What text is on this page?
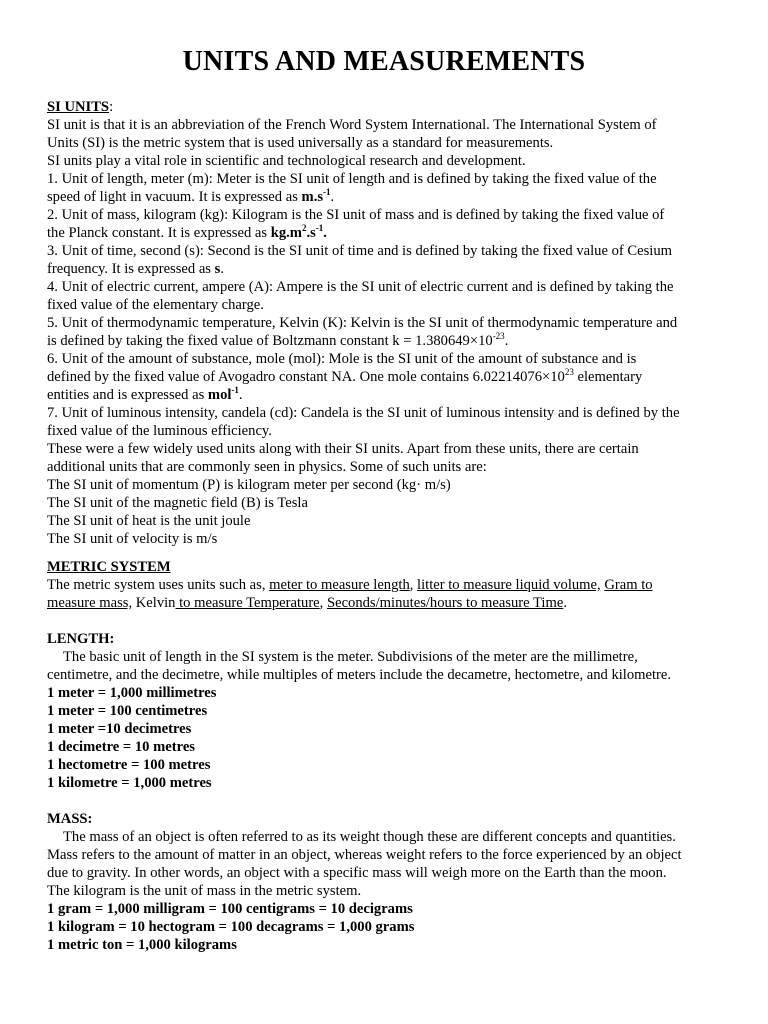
UNITS AND MEASUREMENTS
SI UNITS:
SI unit is that it is an abbreviation of the French Word System International. The International System of
Units (SI) is the metric system that is used universally as a standard for measurements.
SI units play a vital role in scientific and technological research and development.
1. Unit of length, meter (m): Meter is the SI unit of length and is defined by taking the fixed value of the
speed of light in vacuum. It is expressed as $m.s^{-1}$.
2. Unit of mass, kilogram (kg): Kilogram is the SI unit of mass and is defined by taking the fixed value of
the Planck constant. It is expressed as $kg.m^2.s^{-1}$.
3. Unit of time, second (s): Second is the SI unit of time and is defined by taking the fixed value of Cesium
frequency. It is expressed as s.
4. Unit of electric current, ampere (A): Ampere is the SI unit of electric current and is defined by taking the
fixed value of the elementary charge.
5. Unit of thermodynamic temperature, Kelvin (K): Kelvin is the SI unit of thermodynamic temperature and
is defined by taking the fixed value of Boltzmann constant $k = 1.380649\times 10^{-23}$.
6. Unit of the amount of substance, mole (mol): Mole is the SI unit of the amount of substance and is
defined by the fixed value of Avogadro constant NA. One mole contains $6.02214076\times 10^{23}$ elementary
entities and is expressed as mol$^{-1}$.
7. Unit of luminous intensity, candela (cd): Candela is the SI unit of luminous intensity and is defined by the
fixed value of the luminous efficiency.
These were a few widely used units along with their SI units. Apart from these units, there are certain
additional units that are commonly seen in physics. Some of such units are:
The SI unit of momentum (P) is kilogram meter per second (kg· m/s)
The SI unit of the magnetic field (B) is Tesla
The SI unit of heat is the unit joule
The SI unit of velocity is m/s
METRIC SYSTEM
The metric system uses units such as, meter to measure length, litter to measure liquid volume, Gram to
measure mass, Kelvin to measure Temperature, Seconds/minutes/hours to measure Time.
LENGTH:
The basic unit of length in the SI system is the meter. Subdivisions of the meter are the millimetre,
centimetre, and the decimetre, while multiples of meters include the decametre, hectometre, and kilometre.
1 meter = 1,000 millimetres
1 meter = 100 centimetres
1 meter =10 decimetres
1 decimetre = 10 metres
1 hectometre = 100 metres
1 kilometre = 1,000 metres
MASS:
The mass of an object is often referred to as its weight though these are different concepts and quantities.
Mass refers to the amount of matter in an object, whereas weight refers to the force experienced by an object
due to gravity. In other words, an object with a specific mass will weigh more on the Earth than the moon.
The kilogram is the unit of mass in the metric system.
1 gram = 1,000 milligram = 100 centigrams = 10 decigrams
1 kilogram = 10 hectogram = 100 decagrams = 1,000 grams
1 metric ton = 1,000 kilograms
